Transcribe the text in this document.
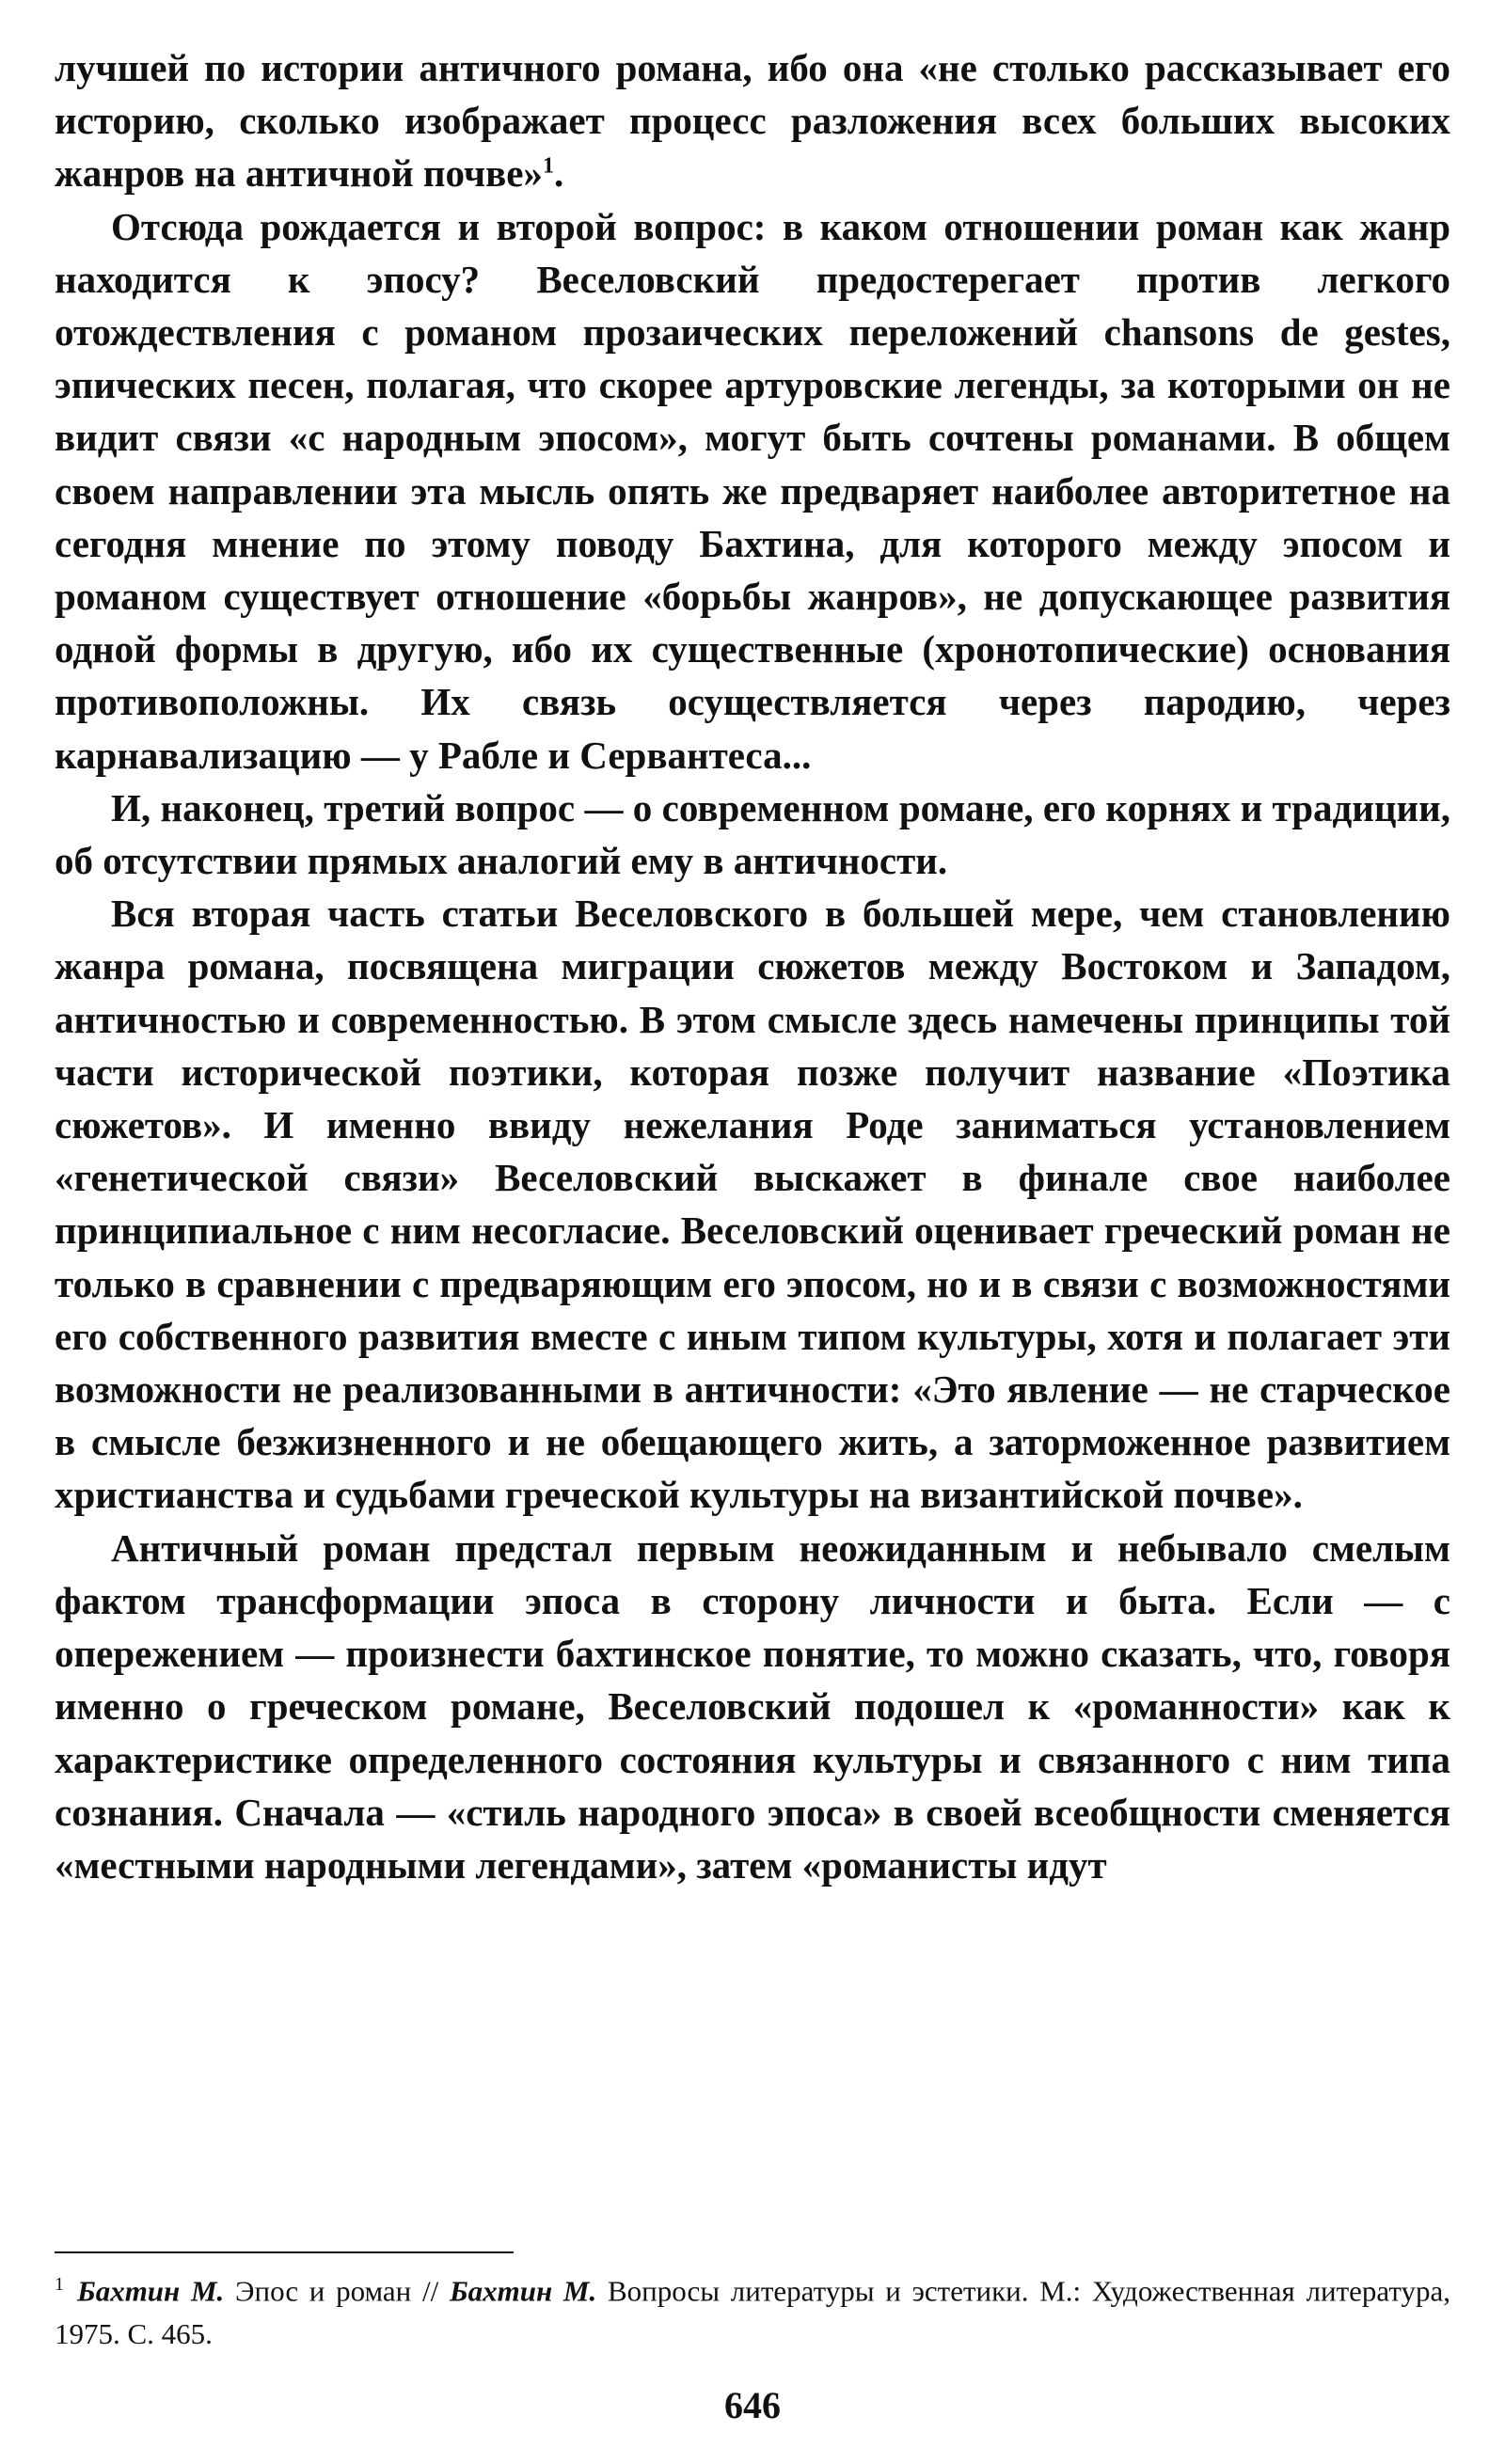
лучшей по истории античного романа, ибо она «не столько рассказывает его историю, сколько изображает процесс разложения всех больших высоких жанров на античной почве»$^1$.

Отсюда рождается и второй вопрос: в каком отношении роман как жанр находится к эпосу? Веселовский предостерегает против легкого отождествления с романом прозаических переложений chansons de gestes, эпических песен, полагая, что скорее артуровские легенды, за которыми он не видит связи «с народным эпосом», могут быть сочтены романами. В общем своем направлении эта мысль опять же предваряет наиболее авторитетное на сегодня мнение по этому поводу Бахтина, для которого между эпосом и романом существует отношение «борьбы жанров», не допускающее развития одной формы в другую, ибо их существенные (хронотопические) основания противоположны. Их связь осуществляется через пародию, через карнавализацию — у Рабле и Сервантеса...

И, наконец, третий вопрос — о современном романе, его корнях и традиции, об отсутствии прямых аналогий ему в античности.

Вся вторая часть статьи Веселовского в большей мере, чем становлению жанра романа, посвящена миграции сюжетов между Востоком и Западом, античностью и современностью. В этом смысле здесь намечены принципы той части исторической поэтики, которая позже получит название «Поэтика сюжетов». И именно ввиду нежелания Роде заниматься установлением «генетической связи» Веселовский выскажет в финале свое наиболее принципиальное с ним несогласие. Веселовский оценивает греческий роман не только в сравнении с предваряющим его эпосом, но и в связи с возможностями его собственного развития вместе с иным типом культуры, хотя и полагает эти возможности не реализованными в античности: «Это явление — не старческое в смысле безжизненного и не обещающего жить, а заторможенное развитием христианства и судьбами греческой культуры на византийской почве».

Античный роман предстал первым неожиданным и небывало смелым фактом трансформации эпоса в сторону личности и быта. Если — с опережением — произнести бахтинское понятие, то можно сказать, что, говоря именно о греческом романе, Веселовский подошел к «романности» как к характеристике определенного состояния культуры и связанного с ним типа сознания. Сначала — «стиль народного эпоса» в своей всеобщности сменяется «местными народными легендами», затем «романисты идут

$^1$ Бахтин М. Эпос и роман // Бахтин М. Вопросы литературы и эстетики. М.: Художественная литература, 1975. С. 465.
646
